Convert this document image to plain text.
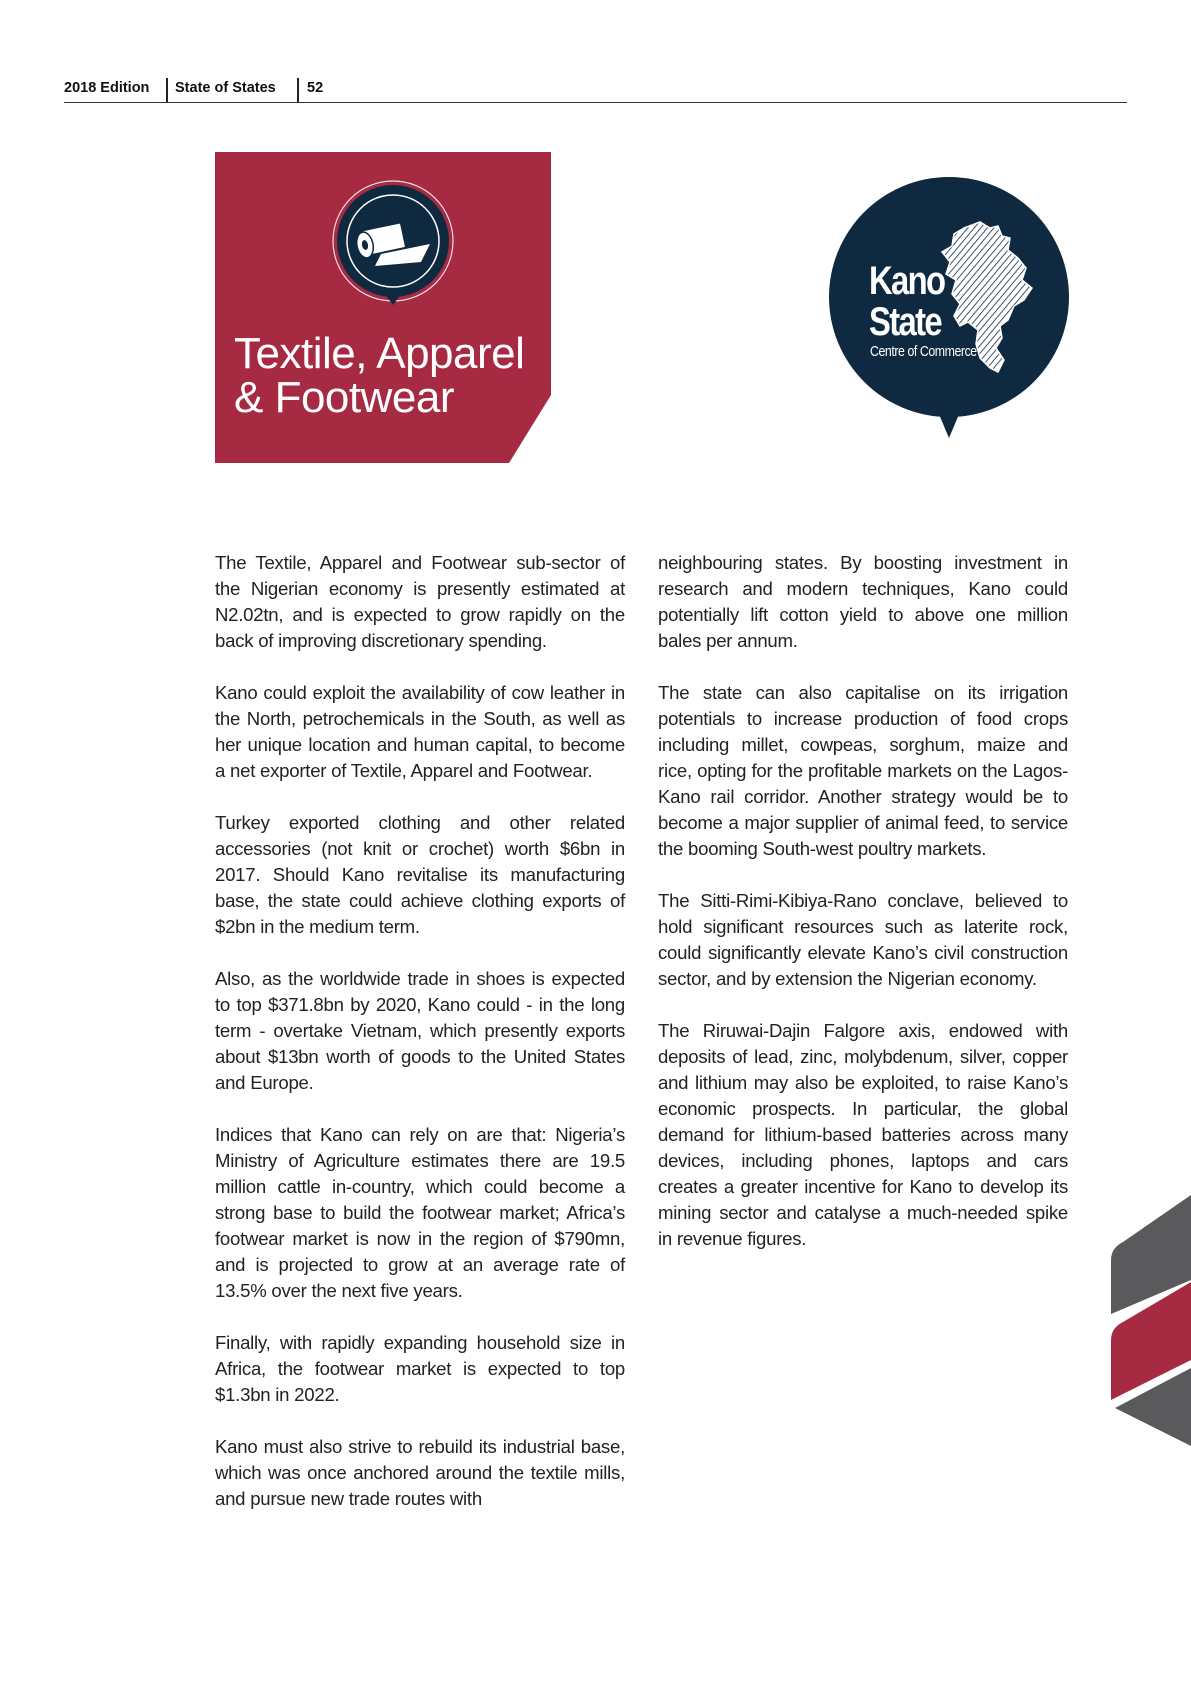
2018 Edition State of States 52
Textile, Apparel
& Footwear
Kano
State
Centre of Commerce

The Textile, Apparel and Footwear sub-sector of the Nigerian economy is presently estimated at N2.02tn, and is expected to grow rapidly on the back of improving discretionary spending.

Kano could exploit the availability of cow leather in the North, petrochemicals in the South, as well as her unique location and human capital, to become a net exporter of Textile, Apparel and Footwear.

Turkey exported clothing and other related accessories (not knit or crochet) worth $6bn in 2017. Should Kano revitalise its manufacturing base, the state could achieve clothing exports of $2bn in the medium term.

Also, as the worldwide trade in shoes is expected to top $371.8bn by 2020, Kano could - in the long term - overtake Vietnam, which presently exports about $13bn worth of goods to the United States and Europe.

Indices that Kano can rely on are that: Nigeria’s Ministry of Agriculture estimates there are 19.5 million cattle in-country, which could become a strong base to build the footwear market; Africa’s footwear market is now in the region of $790mn, and is projected to grow at an average rate of 13.5% over the next five years.

Finally, with rapidly expanding household size in Africa, the footwear market is expected to top $1.3bn in 2022.

Kano must also strive to rebuild its industrial base, which was once anchored around the textile mills, and pursue new trade routes with

neighbouring states. By boosting investment in research and modern techniques, Kano could potentially lift cotton yield to above one million bales per annum.

The state can also capitalise on its irrigation potentials to increase production of food crops including millet, cowpeas, sorghum, maize and rice, opting for the profitable markets on the Lagos-Kano rail corridor. Another strategy would be to become a major supplier of animal feed, to service the booming South-west poultry markets.

The Sitti-Rimi-Kibiya-Rano conclave, believed to hold significant resources such as laterite rock, could significantly elevate Kano’s civil construction sector, and by extension the Nigerian economy.

The Riruwai-Dajin Falgore axis, endowed with deposits of lead, zinc, molybdenum, silver, copper and lithium may also be exploited, to raise Kano’s economic prospects. In particular, the global demand for lithium-based batteries across many devices, including phones, laptops and cars creates a greater incentive for Kano to develop its mining sector and catalyse a much-needed spike in revenue figures.
